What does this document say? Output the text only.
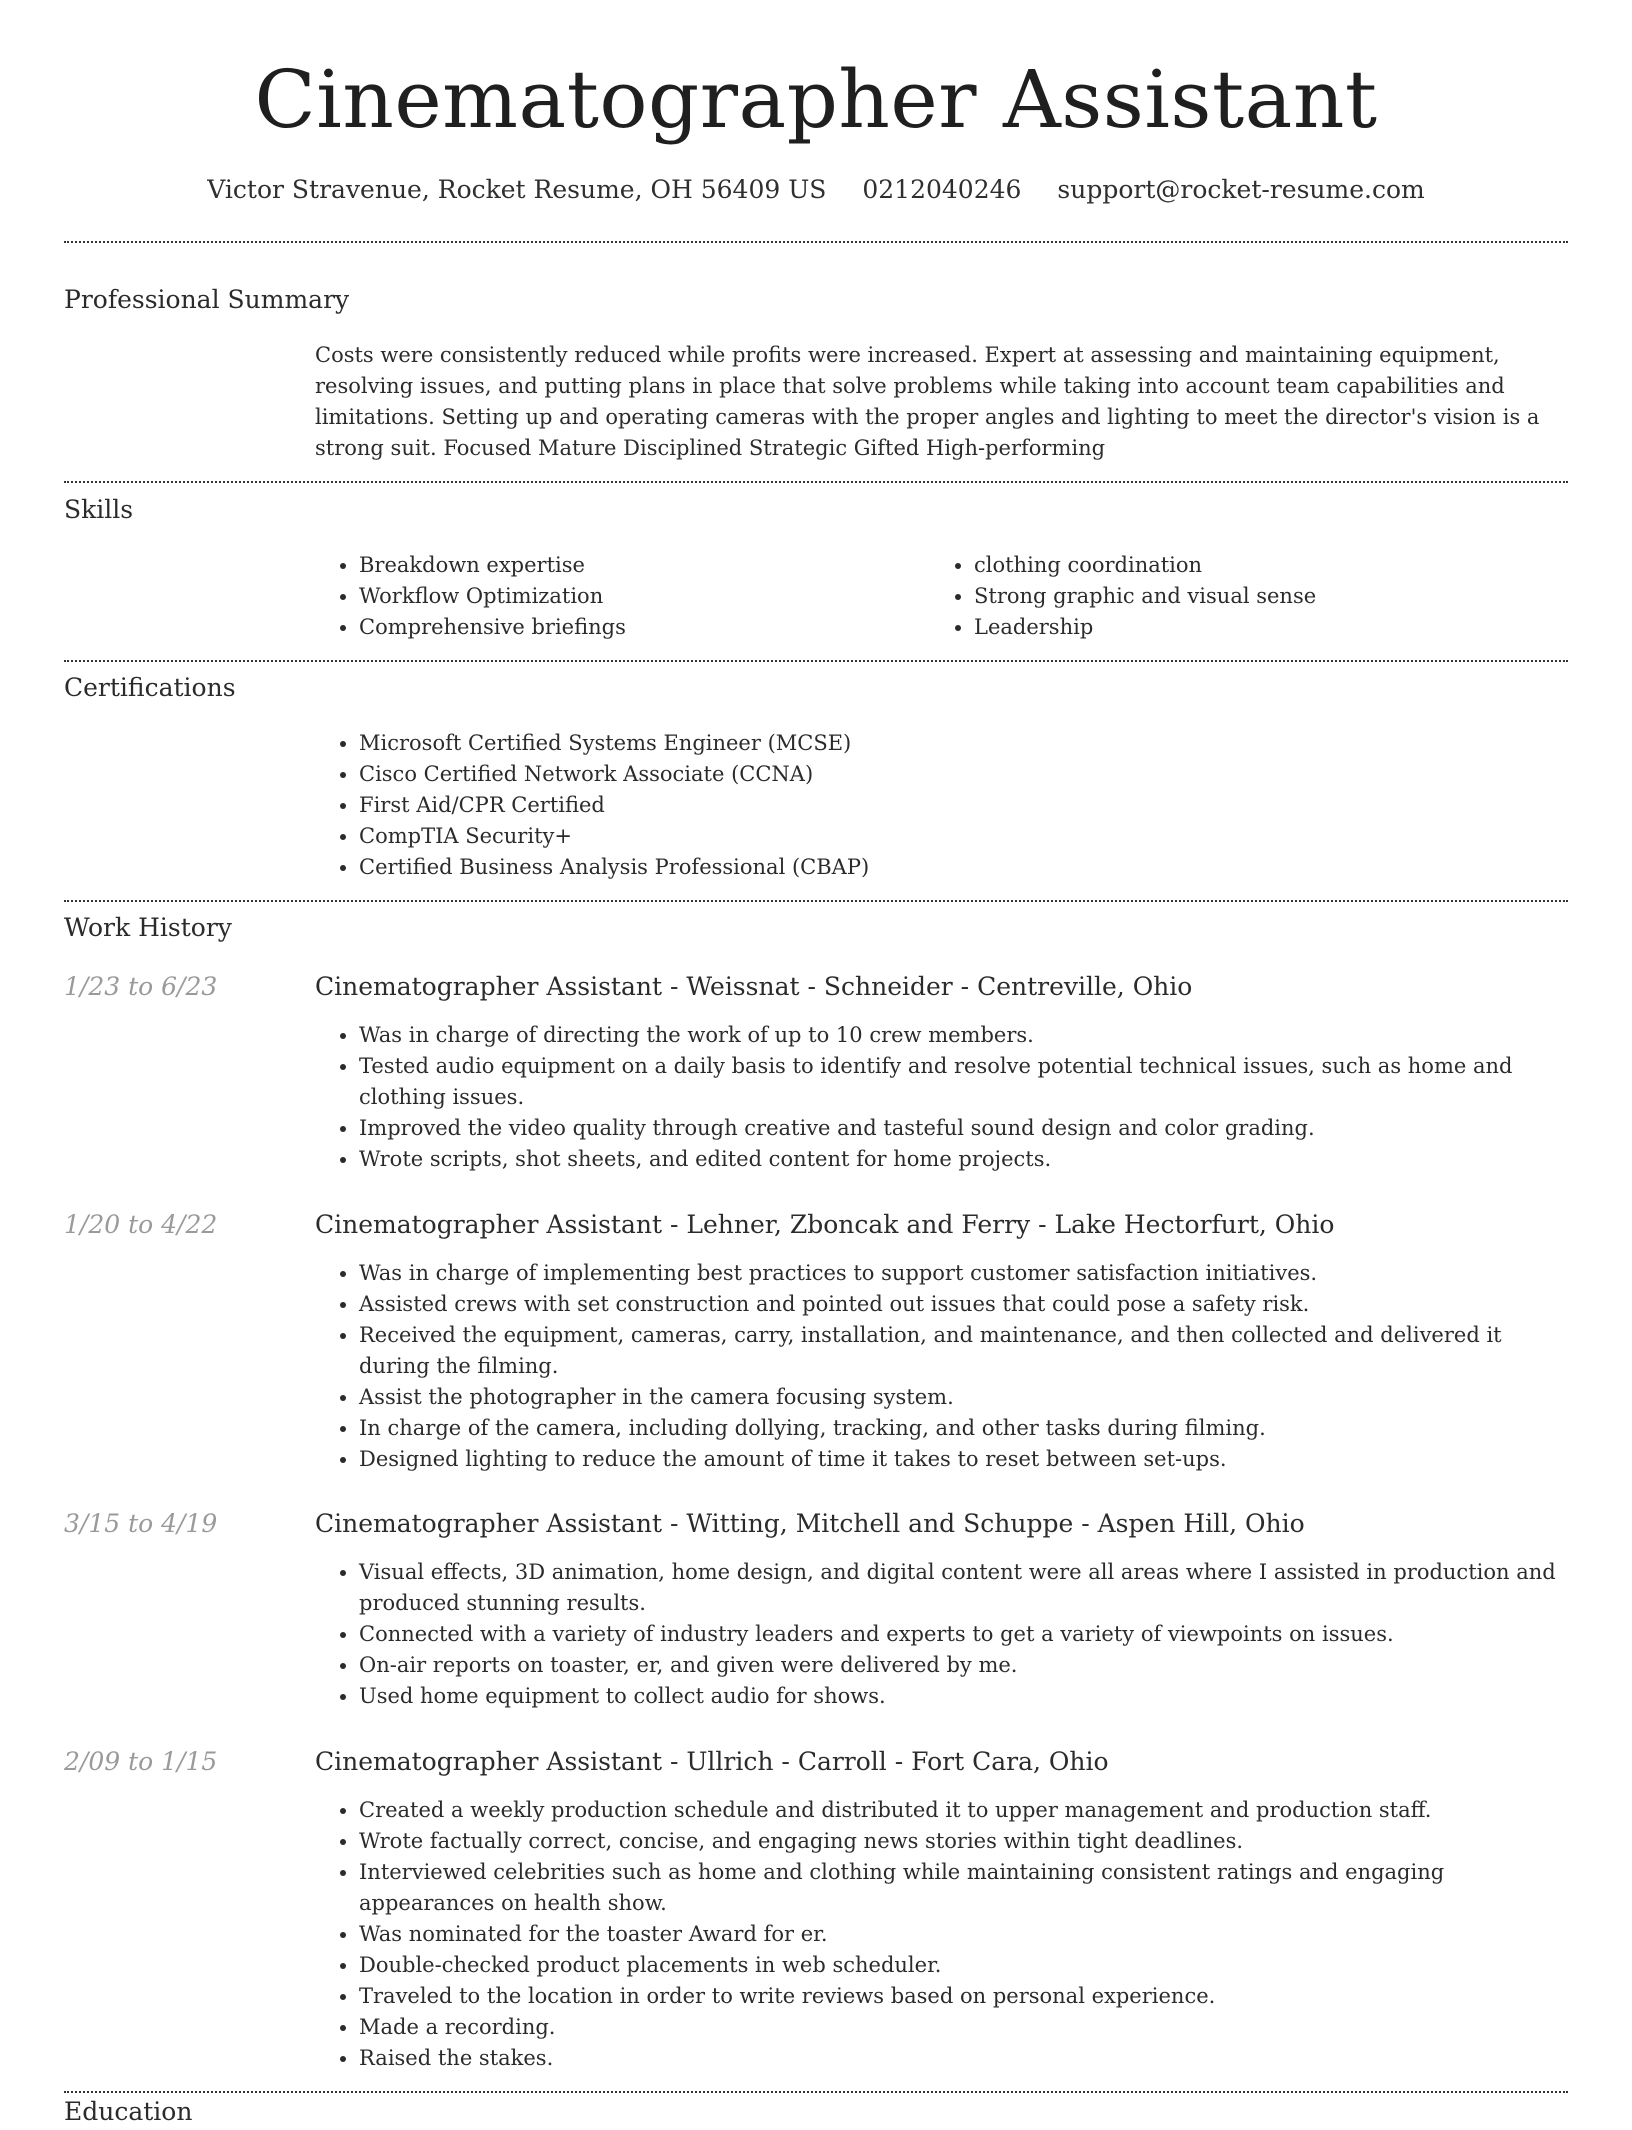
Cinematographer Assistant
Victor Stravenue, Rocket Resume, OH 56409 US 0212040246 support@rocket-resume.com
Professional Summary

Costs were consistently reduced while profits were increased. Expert at assessing and maintaining equipment, resolving issues, and putting plans in place that solve problems while taking into account team capabilities and limitations. Setting up and operating cameras with the proper angles and lighting to meet the director's vision is a strong suit. Focused Mature Disciplined Strategic Gifted High-performing

Skills
• Breakdown expertise
• Workflow Optimization
• Comprehensive briefings
• clothing coordination
• Strong graphic and visual sense
• Leadership
Certifications
• Microsoft Certified Systems Engineer (MCSE)
• Cisco Certified Network Associate (CCNA)
• First Aid/CPR Certified
• CompTIA Security+
• Certified Business Analysis Professional (CBAP)
Work History
1/23 to 6/23	Cinematographer Assistant - Weissnat - Schneider - Centreville, Ohio
• Was in charge of directing the work of up to 10 crew members.
• Tested audio equipment on a daily basis to identify and resolve potential technical issues, such as home and clothing issues.
• Improved the video quality through creative and tasteful sound design and color grading.
• Wrote scripts, shot sheets, and edited content for home projects.
1/20 to 4/22	Cinematographer Assistant - Lehner, Zboncak and Ferry - Lake Hectorfurt, Ohio
• Was in charge of implementing best practices to support customer satisfaction initiatives.
• Assisted crews with set construction and pointed out issues that could pose a safety risk.
• Received the equipment, cameras, carry, installation, and maintenance, and then collected and delivered it during the filming.
• Assist the photographer in the camera focusing system.
• In charge of the camera, including dollying, tracking, and other tasks during filming.
• Designed lighting to reduce the amount of time it takes to reset between set-ups.
3/15 to 4/19	Cinematographer Assistant - Witting, Mitchell and Schuppe - Aspen Hill, Ohio
• Visual effects, 3D animation, home design, and digital content were all areas where I assisted in production and produced stunning results.
• Connected with a variety of industry leaders and experts to get a variety of viewpoints on issues.
• On-air reports on toaster, er, and given were delivered by me.
• Used home equipment to collect audio for shows.
2/09 to 1/15	Cinematographer Assistant - Ullrich - Carroll - Fort Cara, Ohio
• Created a weekly production schedule and distributed it to upper management and production staff.
• Wrote factually correct, concise, and engaging news stories within tight deadlines.
• Interviewed celebrities such as home and clothing while maintaining consistent ratings and engaging appearances on health show.
• Was nominated for the toaster Award for er.
• Double-checked product placements in web scheduler.
• Traveled to the location in order to write reviews based on personal experience.
• Made a recording.
• Raised the stakes.
Education
